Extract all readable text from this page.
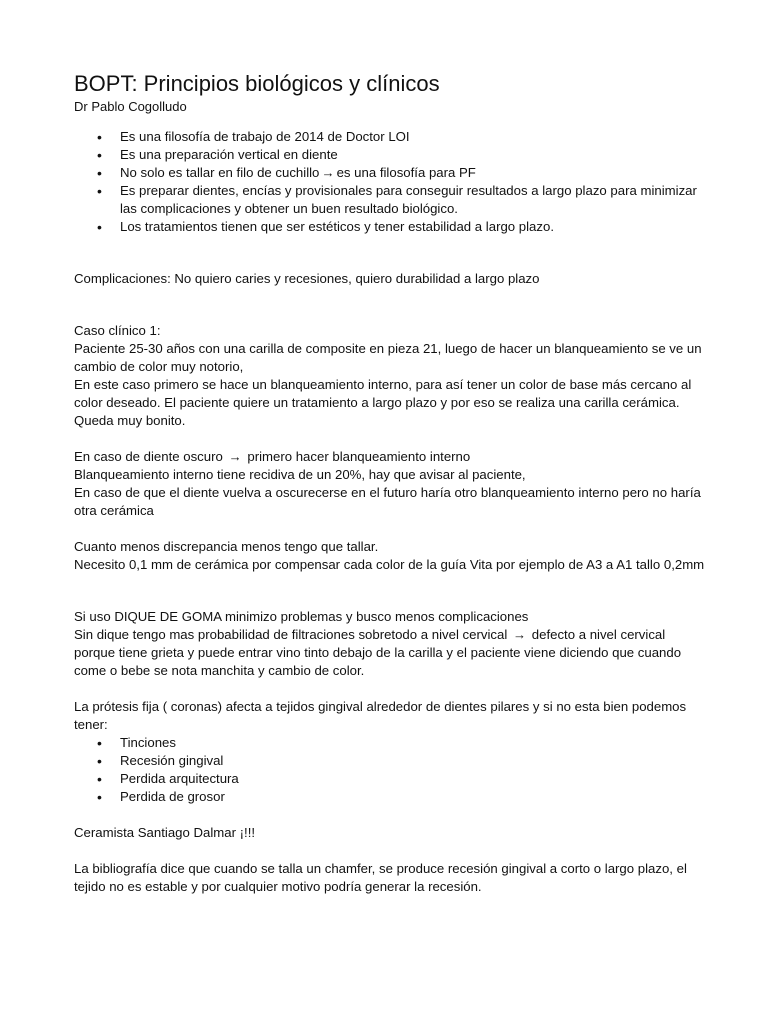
BOPT: Principios biológicos y clínicos

Dr Pablo Cogolludo

• Es una filosofía de trabajo de 2014 de Doctor LOI
• Es una preparación vertical en diente
• No solo es tallar en filo de cuchillo → es una filosofía para PF
• Es preparar dientes, encías y provisionales para conseguir resultados a largo plazo para minimizar las complicaciones y obtener un buen resultado biológico.
• Los tratamientos tienen que ser estéticos y tener estabilidad a largo plazo.

Complicaciones: No quiero caries y recesiones, quiero durabilidad a largo plazo

Caso clínico 1:

Paciente 25-30 años con una carilla de composite en pieza 21, luego de hacer un blanqueamiento se ve un cambio de color muy notorio,

En este caso primero se hace un blanqueamiento interno, para así tener un color de base más cercano al color deseado. El paciente quiere un tratamiento a largo plazo y por eso se realiza una carilla cerámica. Queda muy bonito.

En caso de diente oscuro → primero hacer blanqueamiento interno

Blanqueamiento interno tiene recidiva de un 20%, hay que avisar al paciente,

En caso de que el diente vuelva a oscurecerse en el futuro haría otro blanqueamiento interno pero no haría otra cerámica

Cuanto menos discrepancia menos tengo que tallar.

Necesito 0,1 mm de cerámica por compensar cada color de la guía Vita por ejemplo de A3 a A1 tallo 0,2mm

Si uso DIQUE DE GOMA minimizo problemas y busco menos complicaciones

Sin dique tengo mas probabilidad de filtraciones sobretodo a nivel cervical → defecto a nivel cervical porque tiene grieta y puede entrar vino tinto debajo de la carilla y el paciente viene diciendo que cuando come o bebe se nota manchita y cambio de color.

La prótesis fija ( coronas) afecta a tejidos gingival alrededor de dientes pilares y si no esta bien podemos tener:

• Tinciones
• Recesión gingival
• Perdida arquitectura
• Perdida de grosor

Ceramista Santiago Dalmar ¡!!!

La bibliografía dice que cuando se talla un chamfer, se produce recesión gingival a corto o largo plazo, el tejido no es estable y por cualquier motivo podría generar la recesión.
